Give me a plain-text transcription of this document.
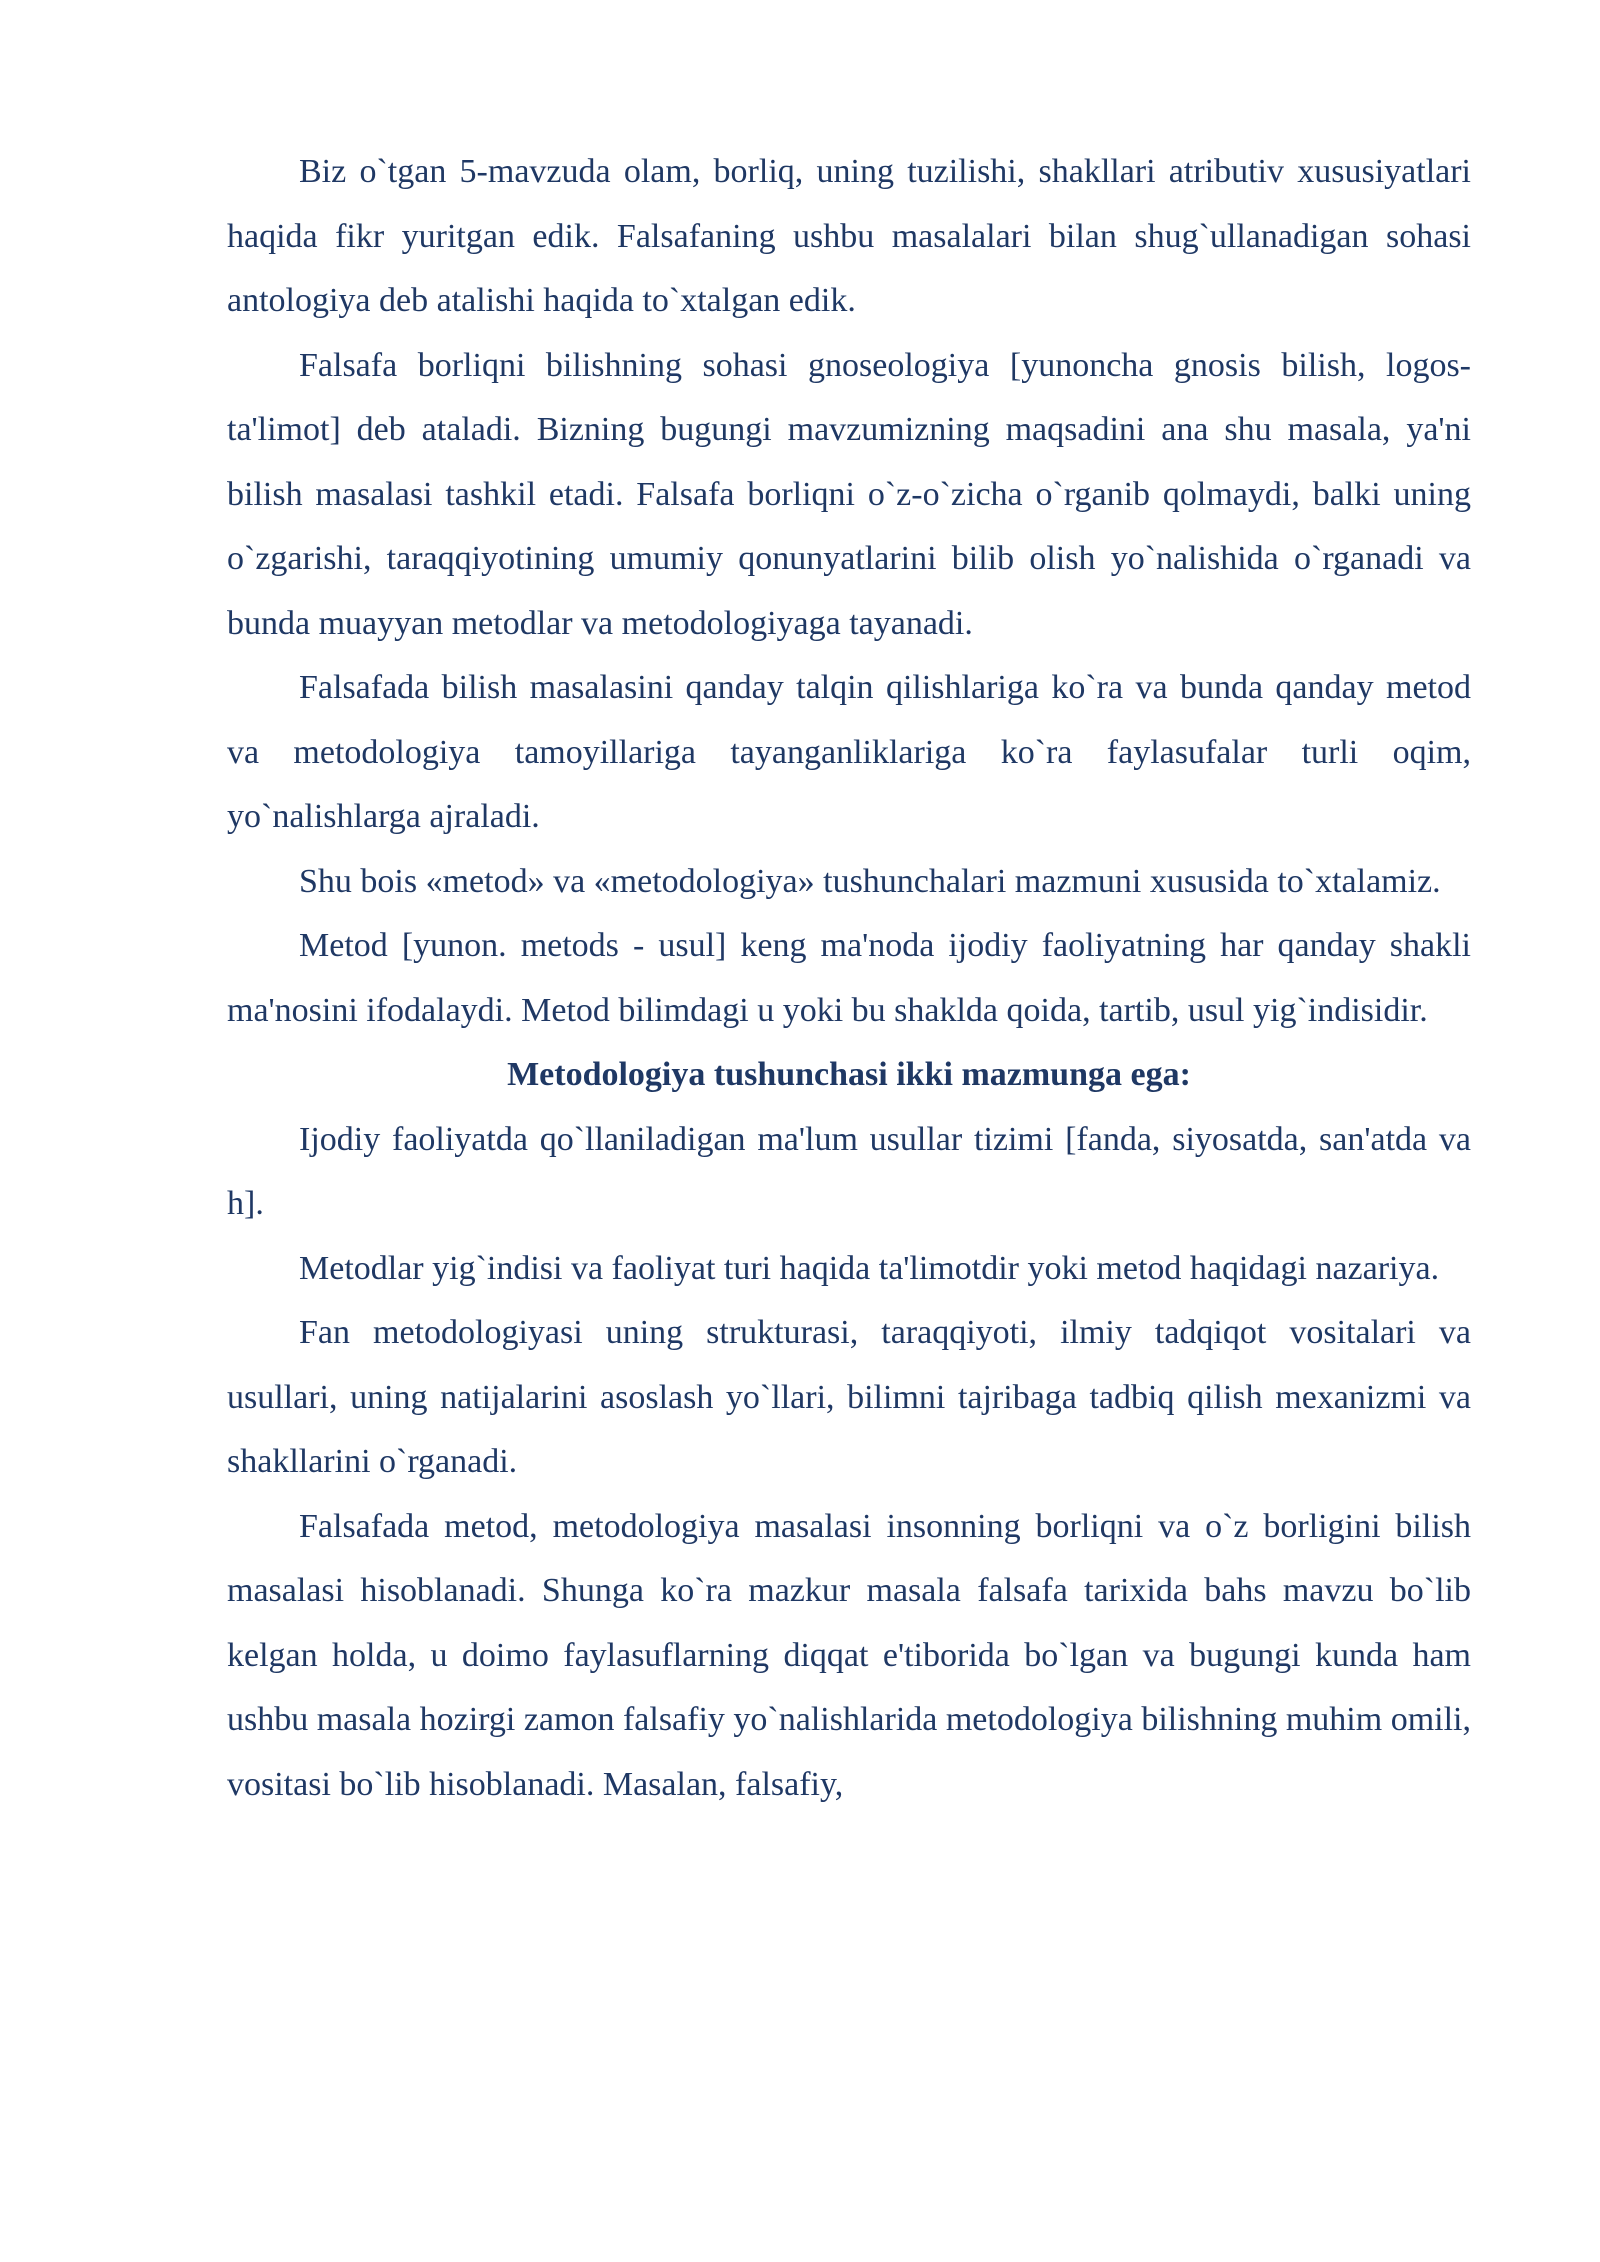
Biz o`tgan 5-mavzuda olam, borliq, uning tuzilishi, shakllari atributiv xususiyatlari haqida fikr yuritgan edik. Falsafaning ushbu masalalari bilan shug`ullanadigan sohasi antologiya deb atalishi haqida to`xtalgan edik.

Falsafa borliqni bilishning sohasi gnoseologiya [yunoncha gnosis bilish, logos-ta'limot] deb ataladi. Bizning bugungi mavzumizning maqsadini ana shu masala, ya'ni bilish masalasi tashkil etadi. Falsafa borliqni o`z-o`zicha o`rganib qolmaydi, balki uning o`zgarishi, taraqqiyotining umumiy qonunyatlarini bilib olish yo`nalishida o`rganadi va bunda muayyan metodlar va metodologiyaga tayanadi.

Falsafada bilish masalasini qanday talqin qilishlariga ko`ra va bunda qanday metod va metodologiya tamoyillariga tayanganliklariga ko`ra faylasufalar turli oqim, yo`nalishlarga ajraladi.

Shu bois «metod» va «metodologiya» tushunchalari mazmuni xususida to`xtalamiz.

Metod [yunon. metods - usul] keng ma'noda ijodiy faoliyatning har qanday shakli ma'nosini ifodalaydi. Metod bilimdagi u yoki bu shaklda qoida, tartib, usul yig`indisidir.

Metodologiya tushunchasi ikki mazmunga ega:

Ijodiy faoliyatda qo`llaniladigan ma'lum usullar tizimi [fanda, siyosatda, san'atda va h].

Metodlar yig`indisi va faoliyat turi haqida ta'limotdir yoki metod haqidagi nazariya.

Fan metodologiyasi uning strukturasi, taraqqiyoti, ilmiy tadqiqot vositalari va usullari, uning natijalarini asoslash yo`llari, bilimni tajribaga tadbiq qilish mexanizmi va shakllarini o`rganadi.

Falsafada metod, metodologiya masalasi insonning borliqni va o`z borligini bilish masalasi hisoblanadi. Shunga ko`ra mazkur masala falsafa tarixida bahs mavzu bo`lib kelgan holda, u doimo faylasuflarning diqqat e'tiborida bo`lgan va bugungi kunda ham ushbu masala hozirgi zamon falsafiy yo`nalishlarida metodologiya bilishning muhim omili, vositasi bo`lib hisoblanadi. Masalan, falsafiy,
